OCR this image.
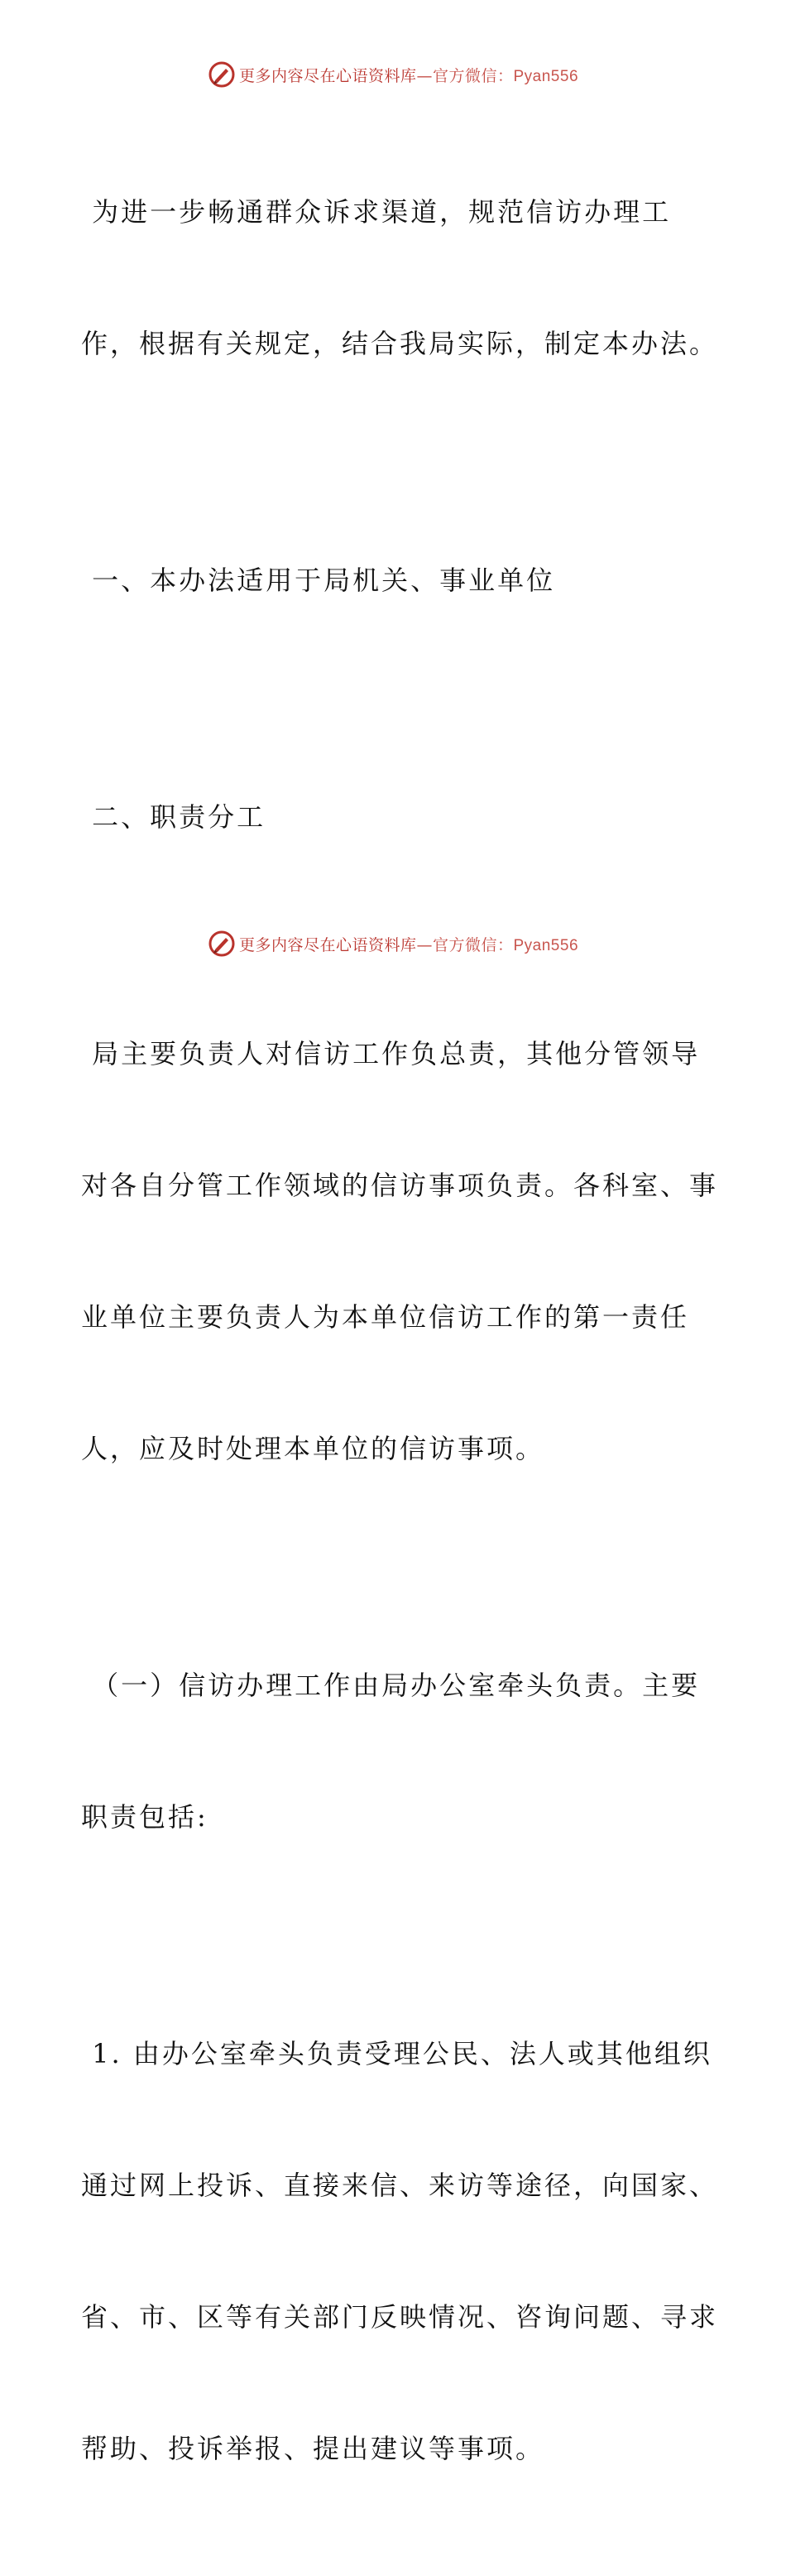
更多内容尽在心语资料库—官方微信：Pyan556

为进一步畅通群众诉求渠道，规范信访办理工

作，根据有关规定，结合我局实际，制定本办法。

一、本办法适用于局机关、事业单位

二、职责分工

局主要负责人对信访工作负总责，其他分管领导

对各自分管工作领域的信访事项负责。各科室、事

业单位主要负责人为本单位信访工作的第一责任

人，应及时处理本单位的信访事项。

（一）信访办理工作由局办公室牵头负责。主要

职责包括:

1. 由办公室牵头负责受理公民、法人或其他组织

通过网上投诉、直接来信、来访等途径，向国家、

省、市、区等有关部门反映情况、咨询问题、寻求

帮助、投诉举报、提出建议等事项。

更多内容尽在心语资料库—官方微信：Pyan556
